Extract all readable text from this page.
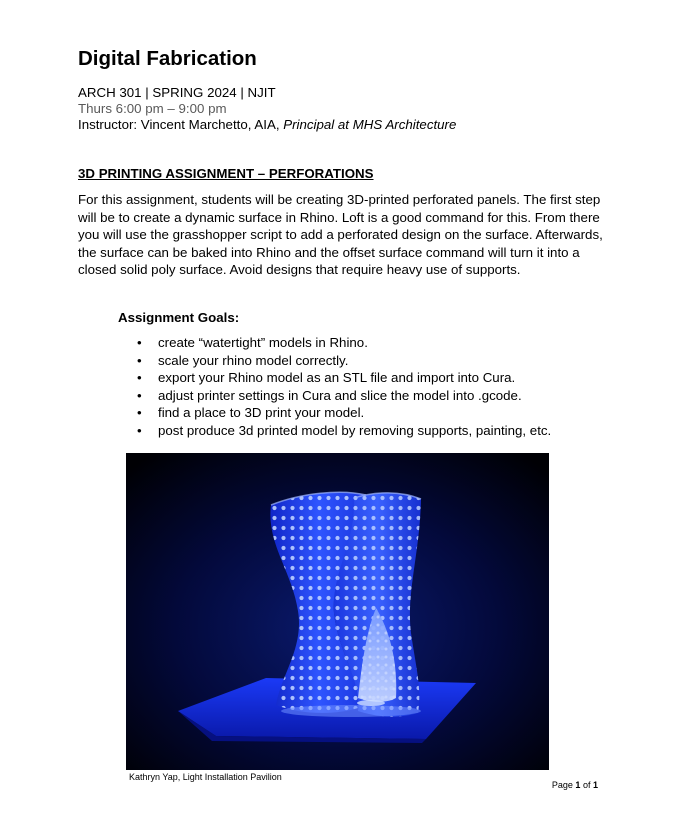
Digital Fabrication
ARCH 301 | SPRING 2024 | NJIT
Thurs 6:00 pm – 9:00 pm
Instructor: Vincent Marchetto, AIA, Principal at MHS Architecture
3D PRINTING ASSIGNMENT – PERFORATIONS

For this assignment, students will be creating 3D-printed perforated panels. The first step will be to create a dynamic surface in Rhino. Loft is a good command for this. From there you will use the grasshopper script to add a perforated design on the surface. Afterwards, the surface can be baked into Rhino and the offset surface command will turn it into a closed solid poly surface. Avoid designs that require heavy use of supports.

Assignment Goals:
• create “watertight” models in Rhino.
• scale your rhino model correctly.
• export your Rhino model as an STL file and import into Cura.
• adjust printer settings in Cura and slice the model into .gcode.
• find a place to 3D print your model.
• post produce 3d printed model by removing supports, painting, etc.
Kathryn Yap, Light Installation Pavilion
Page 1 of 1
